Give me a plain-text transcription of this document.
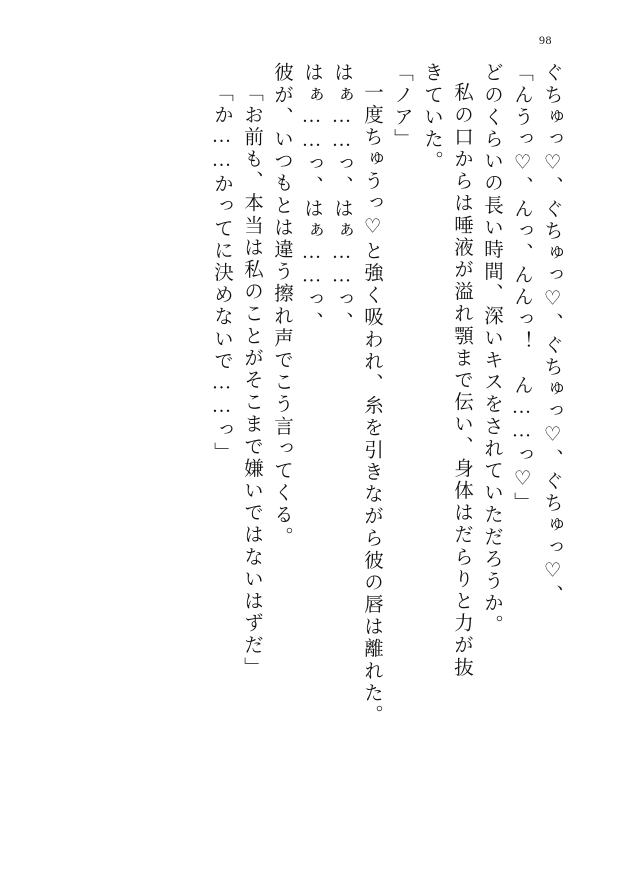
98
ぐちゅっ♡、ぐちゅっ♡、ぐちゅっ♡、ぐちゅっ♡、
「んうっ♡、んっ、んんっ！　ん……っ♡」
どのくらいの長い時間、深いキスをされていただろうか。
私の口からは唾液が溢れ顎まで伝い、身体はだらりと力が抜
きていた。
「ノア」
一度ちゅうっ♡と強く吸われ、糸を引きながら彼の唇は離れた。
はぁ……っ、はぁ……っ、
はぁ……っ、はぁ……っ、
彼が、いつもとは違う擦れ声でこう言ってくる。
「お前も、本当は私のことがそこまで嫌いではないはずだ」
「か……かってに決めないで……っ」
